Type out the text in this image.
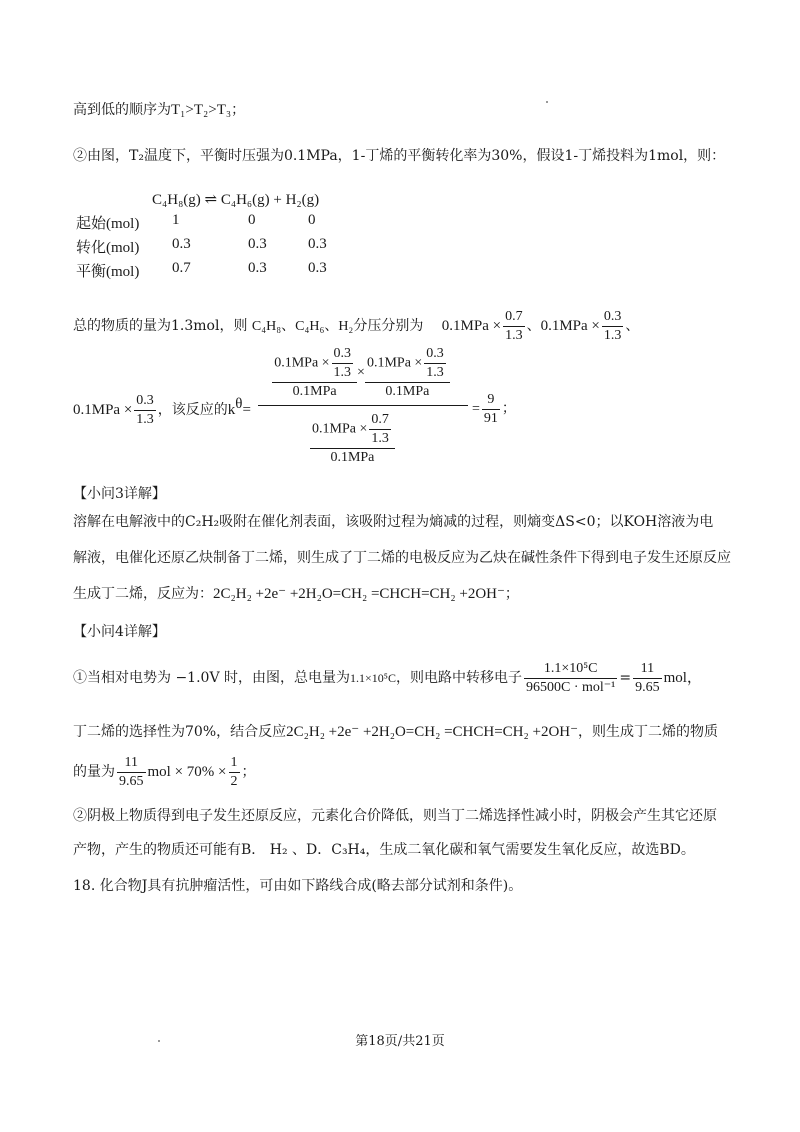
高到低的顺序为T₁>T₂>T₃；
②由图，T₂温度下，平衡时压强为0.1MPa，1-丁烯的平衡转化率为30%，假设1-丁烯投料为1mol，则：
C₄H₈(g) ⇌ C₄H₆(g) + H₂(g)
起始(mol)	1	0	0
转化(mol)	0.3	0.3	0.3
平衡(mol)	0.7	0.3	0.3
总的物质的量为1.3mol，则 C₄H₈、C₄H₆、H₂分压分别为 $0.1MPa \times \frac{0.7}{1.3}$ 、$0.1MPa \times \frac{0.3}{1.3}$ 、
$0.1MPa \times \frac{0.3}{1.3}$ ，该反应的$k^\theta=$
$\frac{0.1MPa \times \frac{0.3}{1.3}}{\text{0.1MPa}} \times \frac{0.1MPa \times \frac{0.3}{1.3}}{\text{0.1MPa}}$
$\frac{0.1MPa \times \frac{0.7}{1.3}}{\text{0.1MPa}}$
= $\frac{9}{91}$ ；
【小问3详解】
溶解在电解液中的C₂H₂吸附在催化剂表面，该吸附过程为熵减的过程，则熵变ΔS<0；以KOH溶液为电
解液，电催化还原乙炔制备丁二烯，则生成了丁二烯的电极反应为乙炔在碱性条件下得到电子发生还原反应
生成丁二烯，反应为：2C₂H₂ +2e⁻ +2H₂O=CH₂ =CHCH=CH₂ +2OH⁻；
【小问4详解】
①当相对电势为 −1.0V 时，由图，总电量为1.1×10⁵C，则电路中转移电子 $\frac{\text{1.1×10⁵C}}{\text{96500C · mol⁻¹}} = \frac{11}{9.65}$ mol，
丁二烯的选择性为70%，结合反应2C₂H₂ +2e⁻ +2H₂O=CH₂ =CHCH=CH₂ +2OH⁻，则生成丁二烯的物质
的量为 $\frac{11}{9.65}$ mol × $70\% \times \frac{1}{2}$ ；
②阴极上物质得到电子发生还原反应，元素化合价降低，则当丁二烯选择性减小时，阴极会产生其它还原
产物，产生的物质还可能有B． H₂ 、D．C₃H₄，生成二氧化碳和氧气需要发生氧化反应，故选BD。
18. 化合物J具有抗肿瘤活性，可由如下路线合成(略去部分试剂和条件)。
第18页/共21页
